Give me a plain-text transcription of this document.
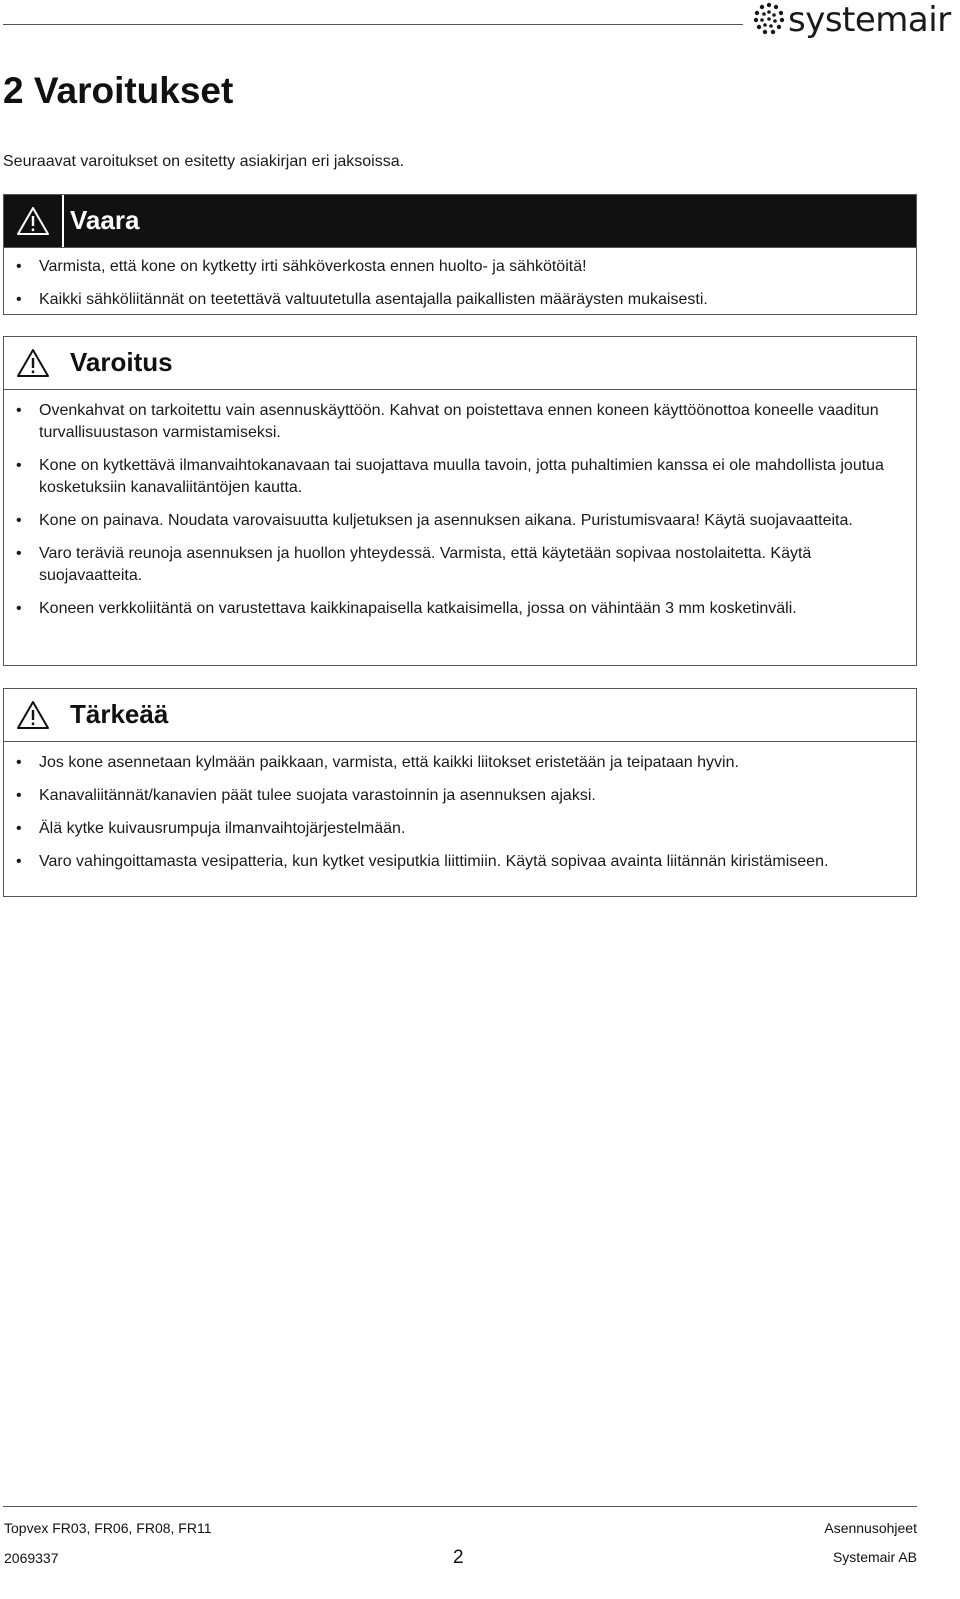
systemair
2 Varoitukset

Seuraavat varoitukset on esitetty asiakirjan eri jaksoissa.

Vaara
• Varmista, että kone on kytketty irti sähköverkosta ennen huolto- ja sähkötöitä!
• Kaikki sähköliitännät on teetettävä valtuutetulla asentajalla paikallisten määräysten mukaisesti.
Varoitus
• Ovenkahvat on tarkoitettu vain asennuskäyttöön. Kahvat on poistettava ennen koneen käyttöönottoa koneelle vaaditun turvallisuustason varmistamiseksi.
• Kone on kytkettävä ilmanvaihtokanavaan tai suojattava muulla tavoin, jotta puhaltimien kanssa ei ole mahdollista joutua kosketuksiin kanavaliitäntöjen kautta.
• Kone on painava. Noudata varovaisuutta kuljetuksen ja asennuksen aikana. Puristumisvaara! Käytä suojavaatteita.
• Varo teräviä reunoja asennuksen ja huollon yhteydessä. Varmista, että käytetään sopivaa nostolaitetta. Käytä suojavaatteita.
• Koneen verkkoliitäntä on varustettava kaikkinapaisella katkaisimella, jossa on vähintään 3 mm kosketinväli.
Tärkeää
• Jos kone asennetaan kylmään paikkaan, varmista, että kaikki liitokset eristetään ja teipataan hyvin.
• Kanavaliitännät/kanavien päät tulee suojata varastoinnin ja asennuksen ajaksi.
• Älä kytke kuivausrumpuja ilmanvaihtojärjestelmään.
• Varo vahingoittamasta vesipatteria, kun kytket vesiputkia liittimiin. Käytä sopivaa avainta liitännän kiristämiseen.
Topvex FR03, FR06, FR08, FR11	Asennusohjeet
2069337	2	Systemair AB
